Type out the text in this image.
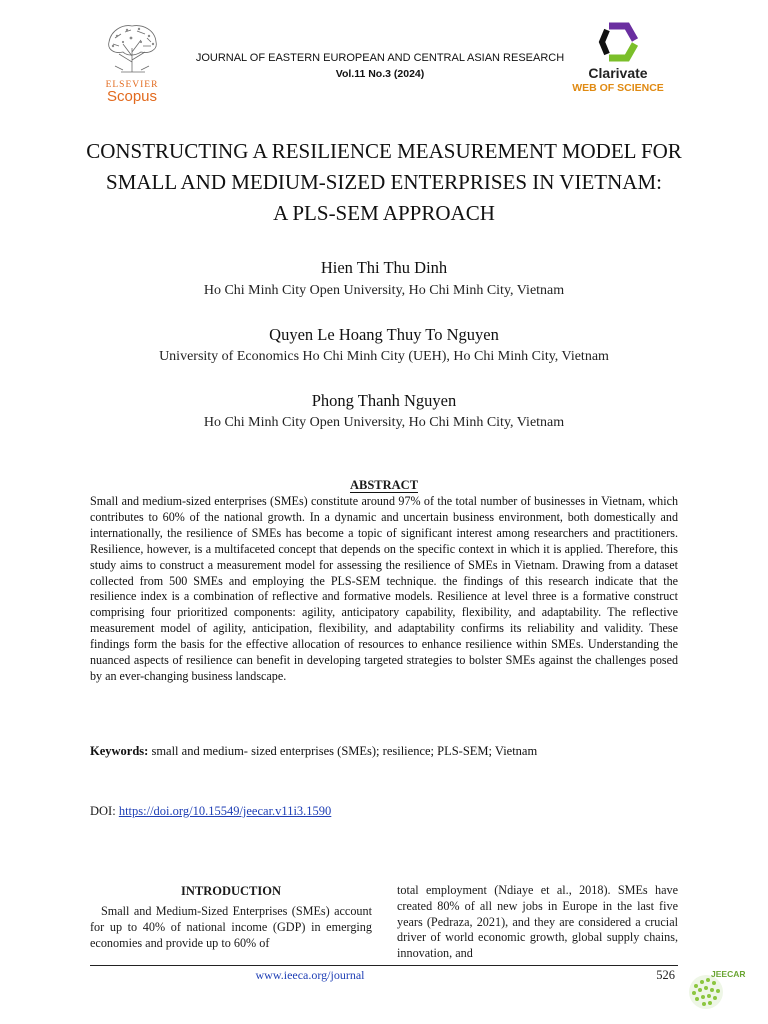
ELSEVIER
Scopus
JOURNAL OF EASTERN EUROPEAN AND CENTRAL ASIAN RESEARCH
Vol.11 No.3 (2024)	Clarivate
WEB OF SCIENCE
CONSTRUCTING A RESILIENCE MEASUREMENT MODEL FOR
SMALL AND MEDIUM-SIZED ENTERPRISES IN VIETNAM:
A PLS-SEM APPROACH
Hien Thi Thu Dinh
Ho Chi Minh City Open University, Ho Chi Minh City, Vietnam
Quyen Le Hoang Thuy To Nguyen
University of Economics Ho Chi Minh City (UEH), Ho Chi Minh City, Vietnam
Phong Thanh Nguyen
Ho Chi Minh City Open University, Ho Chi Minh City, Vietnam
ABSTRACT
Small and medium-sized enterprises (SMEs) constitute around 97% of the total number of businesses in Vietnam, which contributes to 60% of the national growth. In a dynamic and uncertain business environment, both domestically and internationally, the resilience of SMEs has become a topic of significant interest among researchers and practitioners. Resilience, however, is a multifaceted concept that depends on the specific context in which it is applied. Therefore, this study aims to construct a measurement model for assessing the resilience of SMEs in Vietnam. Drawing from a dataset collected from 500 SMEs and employing the PLS-SEM technique. the findings of this research indicate that the resilience index is a combination of reflective and formative models. Resilience at level three is a formative construct comprising four prioritized components: agility, anticipatory capability, flexibility, and adaptability. The reflective measurement model of agility, anticipation, flexibility, and adaptability confirms its reliability and validity. These findings form the basis for the effective allocation of resources to enhance resilience within SMEs. Understanding the nuanced aspects of resilience can benefit in developing targeted strategies to bolster SMEs against the challenges posed by an ever-changing business landscape.
Keywords: small and medium- sized enterprises (SMEs); resilience; PLS-SEM; Vietnam
DOI: https://doi.org/10.15549/jeecar.v11i3.1590
INTRODUCTION
Small and Medium-Sized Enterprises (SMEs) account for up to 40% of national income (GDP) in emerging economies and provide up to 60% of
total employment (Ndiaye et al., 2018). SMEs have created 80% of all new jobs in Europe in the last five years (Pedraza, 2021), and they are considered a crucial driver of world economic growth, global supply chains, innovation, and
www.ieeca.org/journal	526	JEECAR
